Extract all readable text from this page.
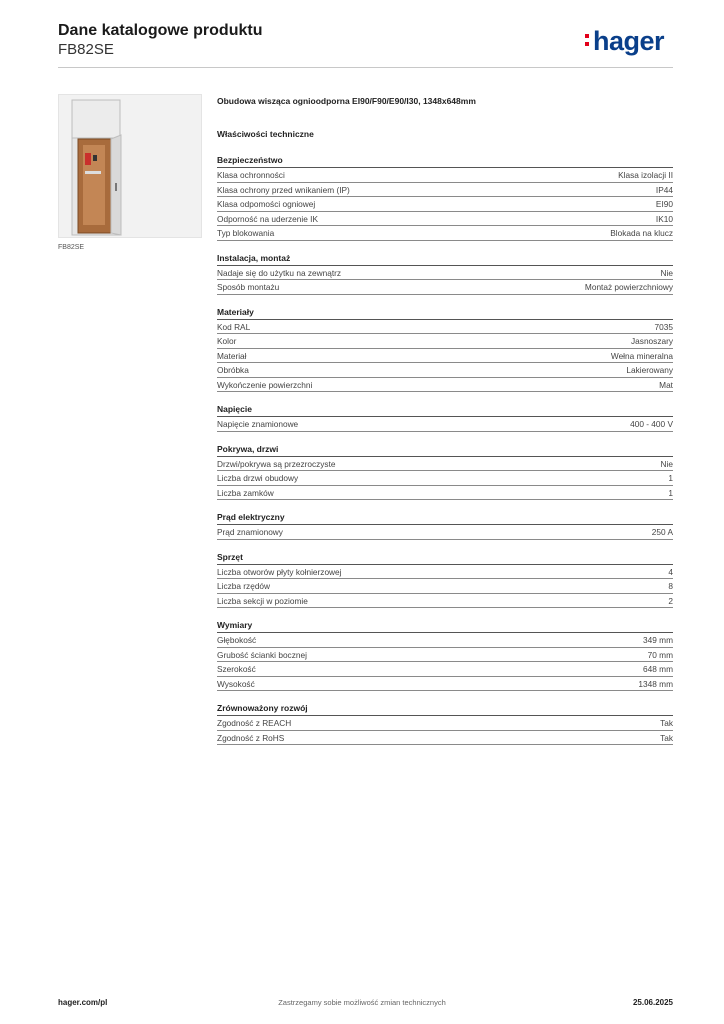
Dane katalogowe produktu
FB82SE	hager
FB82SE
Obudowa wisząca ognioodporna EI90/F90/E90/I30, 1348x648mm
Właściwości techniczne
Bezpieczeństwo
Klasa ochronności	Klasa izolacji II
Klasa ochrony przed wnikaniem (IP)	IP44
Klasa odpomości ogniowej	EI90
Odporność na uderzenie IK	IK10
Typ blokowania	Blokada na klucz
Instalacja, montaż
Nadaje się do użytku na zewnątrz	Nie
Sposób montażu	Montaż powierzchniowy
Materiały
Kod RAL	7035
Kolor	Jasnoszary
Materiał	Wełna mineralna
Obróbka	Lakierowany
Wykończenie powierzchni	Mat
Napięcie
Napięcie znamionowe	400 - 400 V
Pokrywa, drzwi
Drzwi/pokrywa są przezroczyste	Nie
Liczba drzwi obudowy	1
Liczba zamków	1
Prąd elektryczny
Prąd znamionowy	250 A
Sprzęt
Liczba otworów płyty kołnierzowej	4
Liczba rzędów	8
Liczba sekcji w poziomie	2
Wymiary
Głębokość	349 mm
Grubość ścianki bocznej	70 mm
Szerokość	648 mm
Wysokość	1348 mm
Zrównoważony rozwój
Zgodność z REACH	Tak
Zgodność z RoHS	Tak
hager.com/pl	Zastrzegamy sobie możliwość zmian technicznych	25.06.2025
